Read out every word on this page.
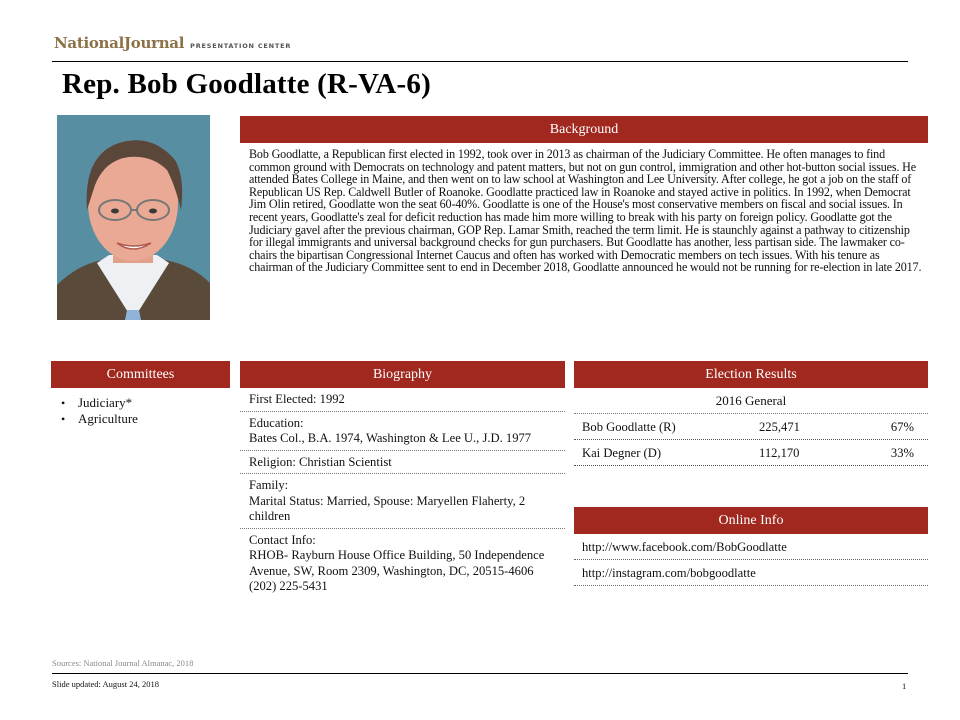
NationalJournal PRESENTATION CENTER
Rep. Bob Goodlatte (R-VA-6)
Background

Bob Goodlatte, a Republican first elected in 1992, took over in 2013 as chairman of the Judiciary Committee. He often manages to find common ground with Democrats on technology and patent matters, but not on gun control, immigration and other hot-button social issues. He attended Bates College in Maine, and then went on to law school at Washington and Lee University. After college, he got a job on the staff of Republican US Rep. Caldwell Butler of Roanoke. Goodlatte practiced law in Roanoke and stayed active in politics. In 1992, when Democrat Jim Olin retired, Goodlatte won the seat 60-40%. Goodlatte is one of the House's most conservative members on fiscal and social issues. In recent years, Goodlatte's zeal for deficit reduction has made him more willing to break with his party on foreign policy. Goodlatte got the Judiciary gavel after the previous chairman, GOP Rep. Lamar Smith, reached the term limit. He is staunchly against a pathway to citizenship for illegal immigrants and universal background checks for gun purchasers. But Goodlatte has another, less partisan side. The lawmaker co-chairs the bipartisan Congressional Internet Caucus and often has worked with Democratic members on tech issues. With his tenure as chairman of the Judiciary Committee sent to end in December 2018, Goodlatte announced he would not be running for re-election in late 2017.

Committees
• Judiciary*
• Agriculture
Biography
First Elected: 1992
Education:
Bates Col., B.A. 1974, Washington & Lee U., J.D. 1977
Religion: Christian Scientist
Family:
Marital Status: Married, Spouse: Maryellen Flaherty, 2 children
Contact Info:
RHOB- Rayburn House Office Building, 50 Independence Avenue, SW, Room 2309, Washington, DC, 20515-4606
(202) 225-5431
Election Results
2016 General
Bob Goodlatte (R)	225,471	67%
Kai Degner (D)	112,170	33%
Online Info
http://www.facebook.com/BobGoodlatte
http://instagram.com/bobgoodlatte
Sources: National Journal Almanac, 2018
Slide updated: August 24, 2018	1
